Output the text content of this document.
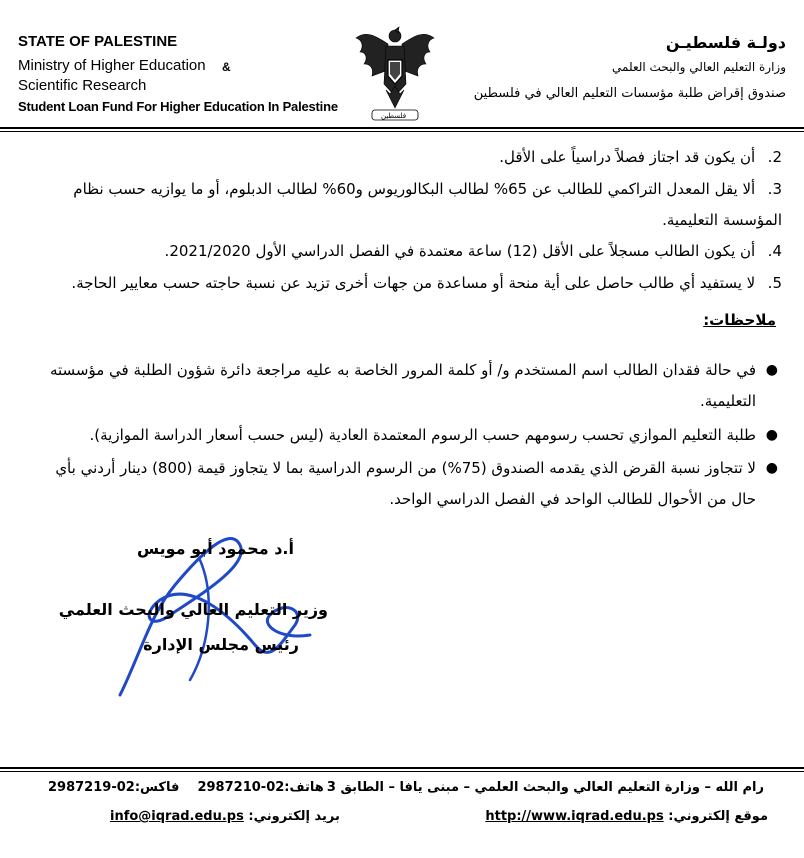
STATE OF PALESTINE
Ministry of Higher Education &
Scientific Research
Student Loan Fund For Higher Education In Palestine
فلسطين
دولـة فلسطيـن
وزارة التعليم العالي والبحث العلمي
صندوق إقراض طلبة مؤسسات التعليم العالي في فلسطين
2. أن يكون قد اجتاز فصلاً دراسياً على الأقل.
3. ألا يقل المعدل التراكمي للطالب عن 65% لطالب البكالوريوس و60% لطالب الدبلوم، أو ما يوازيه حسب نظام المؤسسة التعليمية.
4. أن يكون الطالب مسجلاً على الأقل (12) ساعة معتمدة في الفصل الدراسي الأول 2021/2020.
5. لا يستفيد أي طالب حاصل على أية منحة أو مساعدة من جهات أخرى تزيد عن نسبة حاجته حسب معايير الحاجة.
ملاحظات:
●
في حالة فقدان الطالب اسم المستخدم و/ أو كلمة المرور الخاصة به عليه مراجعة دائرة شؤون الطلبة في مؤسسته التعليمية.
●
طلبة التعليم الموازي تحسب رسومهم حسب الرسوم المعتمدة العادية (ليس حسب أسعار الدراسة الموازية).
●
لا تتجاوز نسبة القرض الذي يقدمه الصندوق (75%) من الرسوم الدراسية بما لا يتجاوز قيمة (800) دينار أردني بأي حال من الأحوال للطالب الواحد في الفصل الدراسي الواحد.
أ.د محمود أبو مويس
وزير التعليم العالي والبحث العلمي
رئيس مجلس الإدارة
رام الله – وزارة التعليم العالي والبحث العلمي – مبنى يافا – الطابق 3
هاتف:02-2987210    فاكس:02-2987219
موقع إلكتروني: http://www.iqrad.edu.ps
بريد إلكتروني: info@iqrad.edu.ps
